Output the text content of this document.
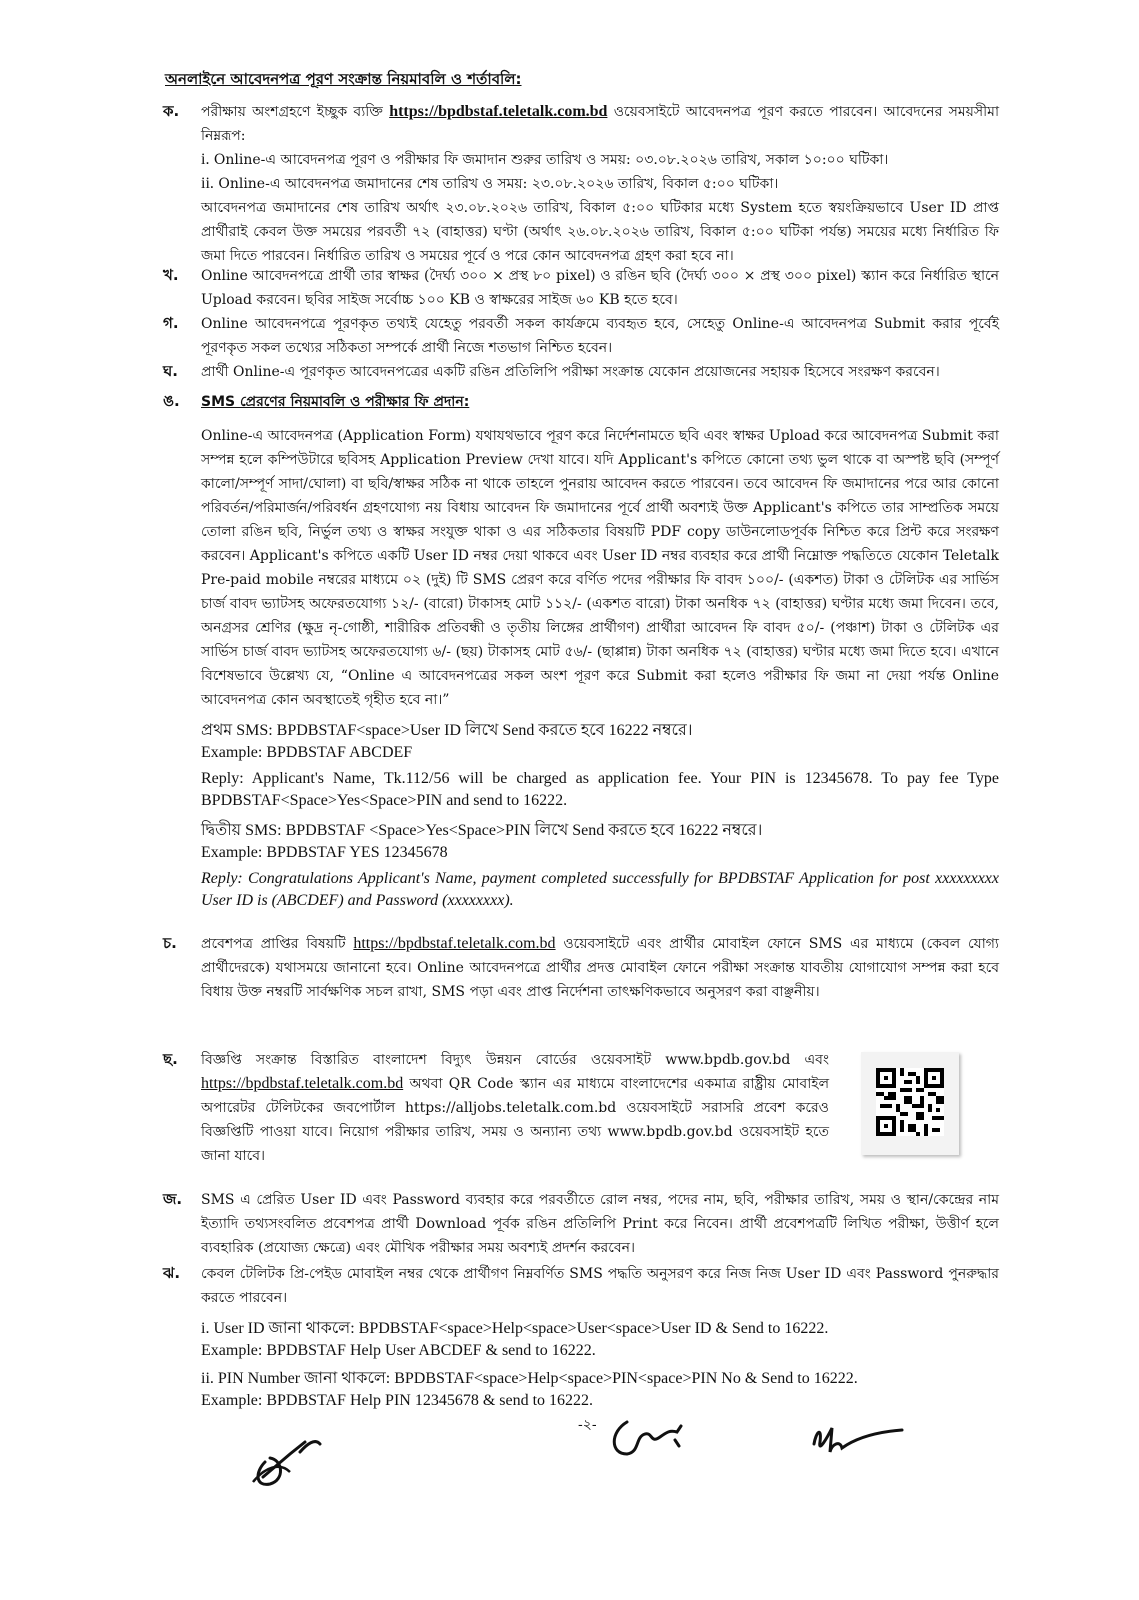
অনলাইনে আবেদনপত্র পূরণ সংক্রান্ত নিয়মাবলি ও শর্তাবলি:
ক. পরীক্ষায় অংশগ্রহণে ইচ্ছুক ব্যক্তি https://bpdbstaf.teletalk.com.bd ওয়েবসাইটে আবেদনপত্র পূরণ করতে পারবেন। আবেদনের সময়সীমা নিম্নরূপ:

i. Online-এ আবেদনপত্র পূরণ ও পরীক্ষার ফি জমাদান শুরুর তারিখ ও সময়: ০৩.০৮.২০২৬ তারিখ, সকাল ১০:০০ ঘটিকা।

ii. Online-এ আবেদনপত্র জমাদানের শেষ তারিখ ও সময়: ২৩.০৮.২০২৬ তারিখ, বিকাল ৫:০০ ঘটিকা।

আবেদনপত্র জমাদানের শেষ তারিখ অর্থাৎ ২৩.০৮.২০২৬ তারিখ, বিকাল ৫:০০ ঘটিকার মধ্যে System হতে স্বয়ংক্রিয়ভাবে User ID প্রাপ্ত প্রার্থীরাই কেবল উক্ত সময়ের পরবর্তী ৭২ (বাহাত্তর) ঘণ্টা (অর্থাৎ ২৬.০৮.২০২৬ তারিখ, বিকাল ৫:০০ ঘটিকা পর্যন্ত) সময়ের মধ্যে নির্ধারিত ফি জমা দিতে পারবেন। নির্ধারিত তারিখ ও সময়ের পূর্বে ও পরে কোন আবেদনপত্র গ্রহণ করা হবে না।

খ. Online আবেদনপত্রে প্রার্থী তার স্বাক্ষর (দৈর্ঘ্য ৩০০ × প্রস্থ ৮০ pixel) ও রঙিন ছবি (দৈর্ঘ্য ৩০০ × প্রস্থ ৩০০ pixel) স্ক্যান করে নির্ধারিত স্থানে Upload করবেন। ছবির সাইজ সর্বোচ্চ ১০০ KB ও স্বাক্ষরের সাইজ ৬০ KB হতে হবে।

গ. Online আবেদনপত্রে পূরণকৃত তথ্যই যেহেতু পরবর্তী সকল কার্যক্রমে ব্যবহৃত হবে, সেহেতু Online-এ আবেদনপত্র Submit করার পূর্বেই পূরণকৃত সকল তথ্যের সঠিকতা সম্পর্কে প্রার্থী নিজে শতভাগ নিশ্চিত হবেন।

ঘ. প্রার্থী Online-এ পূরণকৃত আবেদনপত্রের একটি রঙিন প্রতিলিপি পরীক্ষা সংক্রান্ত যেকোন প্রয়োজনের সহায়ক হিসেবে সংরক্ষণ করবেন।

ঙ. SMS প্রেরণের নিয়মাবলি ও পরীক্ষার ফি প্রদান:

Online-এ আবেদনপত্র (Application Form) যথাযথভাবে পূরণ করে নির্দেশনামতে ছবি এবং স্বাক্ষর Upload করে আবেদনপত্র Submit করা সম্পন্ন হলে কম্পিউটারে ছবিসহ Application Preview দেখা যাবে। যদি Applicant's কপিতে কোনো তথ্য ভুল থাকে বা অস্পষ্ট ছবি (সম্পূর্ণ কালো/সম্পূর্ণ সাদা/ঘোলা) বা ছবি/স্বাক্ষর সঠিক না থাকে তাহলে পুনরায় আবেদন করতে পারবেন। তবে আবেদন ফি জমাদানের পরে আর কোনো পরিবর্তন/পরিমার্জন/পরিবর্ধন গ্রহণযোগ্য নয় বিধায় আবেদন ফি জমাদানের পূর্বে প্রার্থী অবশ্যই উক্ত Applicant's কপিতে তার সাম্প্রতিক সময়ে তোলা রঙিন ছবি, নির্ভুল তথ্য ও স্বাক্ষর সংযুক্ত থাকা ও এর সঠিকতার বিষয়টি PDF copy ডাউনলোডপূর্বক নিশ্চিত করে প্রিন্ট করে সংরক্ষণ করবেন। Applicant's কপিতে একটি User ID নম্বর দেয়া থাকবে এবং User ID নম্বর ব্যবহার করে প্রার্থী নিম্নোক্ত পদ্ধতিতে যেকোন Teletalk Pre-paid mobile নম্বরের মাধ্যমে ০২ (দুই) টি SMS প্রেরণ করে বর্ণিত পদের পরীক্ষার ফি বাবদ ১০০/- (একশত) টাকা ও টেলিটক এর সার্ভিস চার্জ বাবদ ভ্যাটসহ অফেরতযোগ্য ১২/- (বারো) টাকাসহ মোট ১১২/- (একশত বারো) টাকা অনধিক ৭২ (বাহাত্তর) ঘণ্টার মধ্যে জমা দিবেন। তবে, অনগ্রসর শ্রেণির (ক্ষুদ্র নৃ-গোষ্ঠী, শারীরিক প্রতিবন্ধী ও তৃতীয় লিঙ্গের প্রার্থীগণ) প্রার্থীরা আবেদন ফি বাবদ ৫০/- (পঞ্চাশ) টাকা ও টেলিটক এর সার্ভিস চার্জ বাবদ ভ্যাটসহ অফেরতযোগ্য ৬/- (ছয়) টাকাসহ মোট ৫৬/- (ছাপ্পান্ন) টাকা অনধিক ৭২ (বাহাত্তর) ঘণ্টার মধ্যে জমা দিতে হবে। এখানে বিশেষভাবে উল্লেখ্য যে, “Online এ আবেদনপত্রের সকল অংশ পূরণ করে Submit করা হলেও পরীক্ষার ফি জমা না দেয়া পর্যন্ত Online আবেদনপত্র কোন অবস্থাতেই গৃহীত হবে না।”

প্রথম SMS: BPDBSTAF<space>User ID লিখে Send করতে হবে 16222 নম্বরে।

Example: BPDBSTAF ABCDEF

Reply: Applicant's Name, Tk.112/56 will be charged as application fee. Your PIN is 12345678. To pay fee Type BPDBSTAF<Space>Yes<Space>PIN and send to 16222.

দ্বিতীয় SMS: BPDBSTAF <Space>Yes<Space>PIN লিখে Send করতে হবে 16222 নম্বরে।

Example: BPDBSTAF YES 12345678

Reply: Congratulations Applicant's Name, payment completed successfully for BPDBSTAF Application for post xxxxxxxxx User ID is (ABCDEF) and Password (xxxxxxxx).

চ. প্রবেশপত্র প্রাপ্তির বিষয়টি https://bpdbstaf.teletalk.com.bd ওয়েবসাইটে এবং প্রার্থীর মোবাইল ফোনে SMS এর মাধ্যমে (কেবল যোগ্য প্রার্থীদেরকে) যথাসময়ে জানানো হবে। Online আবেদনপত্রে প্রার্থীর প্রদত্ত মোবাইল ফোনে পরীক্ষা সংক্রান্ত যাবতীয় যোগাযোগ সম্পন্ন করা হবে বিধায় উক্ত নম্বরটি সার্বক্ষণিক সচল রাখা, SMS পড়া এবং প্রাপ্ত নির্দেশনা তাৎক্ষণিকভাবে অনুসরণ করা বাঞ্ছনীয়।

ছ. বিজ্ঞপ্তি সংক্রান্ত বিস্তারিত বাংলাদেশ বিদ্যুৎ উন্নয়ন বোর্ডের ওয়েবসাইট www.bpdb.gov.bd এবং https://bpdbstaf.teletalk.com.bd অথবা QR Code স্ক্যান এর মাধ্যমে বাংলাদেশের একমাত্র রাষ্ট্রীয় মোবাইল অপারেটর টেলিটকের জবপোর্টাল https://alljobs.teletalk.com.bd ওয়েবসাইটে সরাসরি প্রবেশ করেও বিজ্ঞপ্তিটি পাওয়া যাবে। নিয়োগ পরীক্ষার তারিখ, সময় ও অন্যান্য তথ্য www.bpdb.gov.bd ওয়েবসাইট হতে জানা যাবে।

জ. SMS এ প্রেরিত User ID এবং Password ব্যবহার করে পরবর্তীতে রোল নম্বর, পদের নাম, ছবি, পরীক্ষার তারিখ, সময় ও স্থান/কেন্দ্রের নাম ইত্যাদি তথ্যসংবলিত প্রবেশপত্র প্রার্থী Download পূর্বক রঙিন প্রতিলিপি Print করে নিবেন। প্রার্থী প্রবেশপত্রটি লিখিত পরীক্ষা, উত্তীর্ণ হলে ব্যবহারিক (প্রযোজ্য ক্ষেত্রে) এবং মৌখিক পরীক্ষার সময় অবশ্যই প্রদর্শন করবেন।

ঝ. কেবল টেলিটক প্রি-পেইড মোবাইল নম্বর থেকে প্রার্থীগণ নিম্নবর্ণিত SMS পদ্ধতি অনুসরণ করে নিজ নিজ User ID এবং Password পুনরুদ্ধার করতে পারবেন।

i. User ID জানা থাকলে: BPDBSTAF<space>Help<space>User<space>User ID & Send to 16222.

Example: BPDBSTAF Help User ABCDEF & send to 16222.

ii. PIN Number জানা থাকলে: BPDBSTAF<space>Help<space>PIN<space>PIN No & Send to 16222.

Example: BPDBSTAF Help PIN 12345678 & send to 16222.

-২-
